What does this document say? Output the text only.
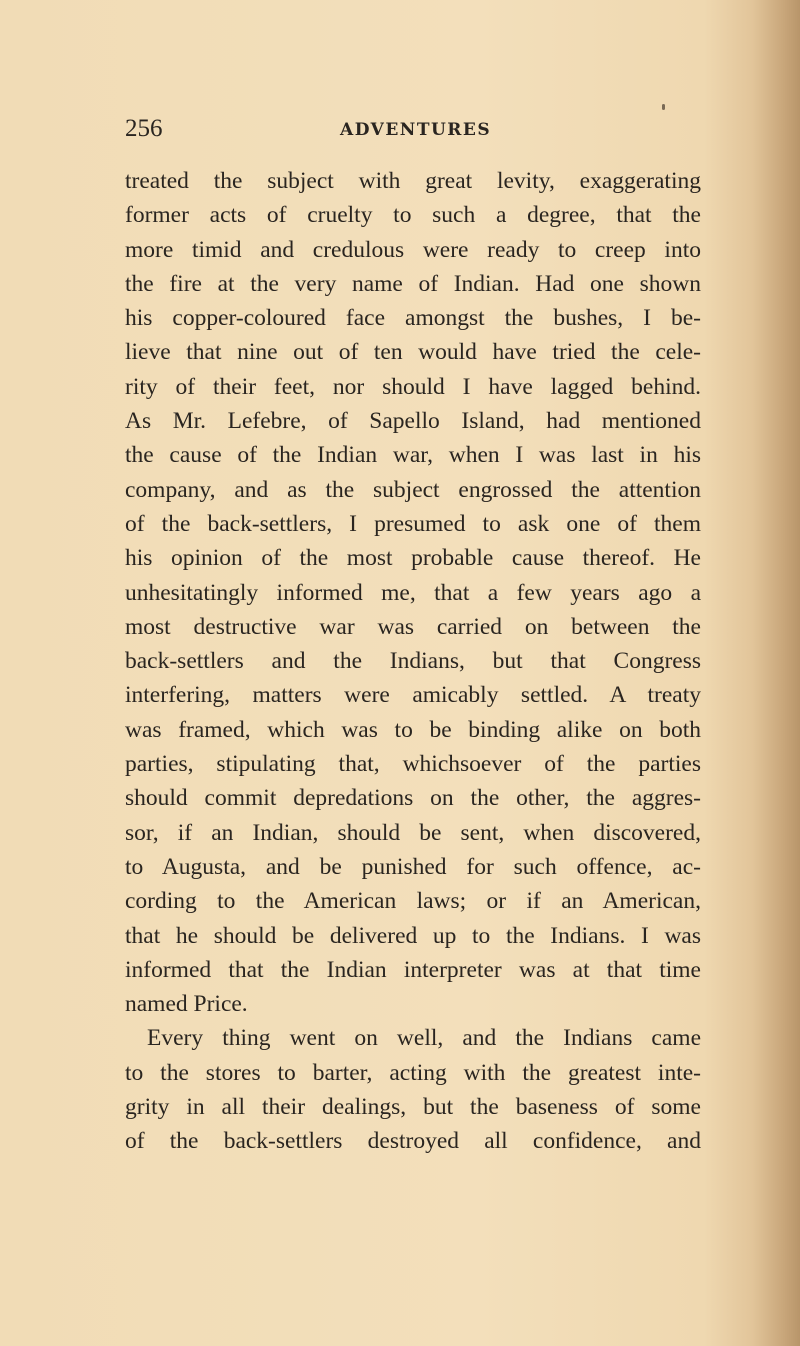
256	ADVENTURES
treated the subject with great levity, exaggerating
former acts of cruelty to such a degree, that the
more timid and credulous were ready to creep into
the fire at the very name of Indian. Had one shown
his copper-coloured face amongst the bushes, I be-
lieve that nine out of ten would have tried the cele-
rity of their feet, nor should I have lagged behind.
As Mr. Lefebre, of Sapello Island, had mentioned
the cause of the Indian war, when I was last in his
company, and as the subject engrossed the attention
of the back-settlers, I presumed to ask one of them
his opinion of the most probable cause thereof. He
unhesitatingly informed me, that a few years ago a
most destructive war was carried on between the
back-settlers and the Indians, but that Congress
interfering, matters were amicably settled. A treaty
was framed, which was to be binding alike on both
parties, stipulating that, whichsoever of the parties
should commit depredations on the other, the aggres-
sor, if an Indian, should be sent, when discovered,
to Augusta, and be punished for such offence, ac-
cording to the American laws; or if an American,
that he should be delivered up to the Indians. I was
informed that the Indian interpreter was at that time
named Price.
Every thing went on well, and the Indians came
to the stores to barter, acting with the greatest inte-
grity in all their dealings, but the baseness of some
of the back-settlers destroyed all confidence, and
